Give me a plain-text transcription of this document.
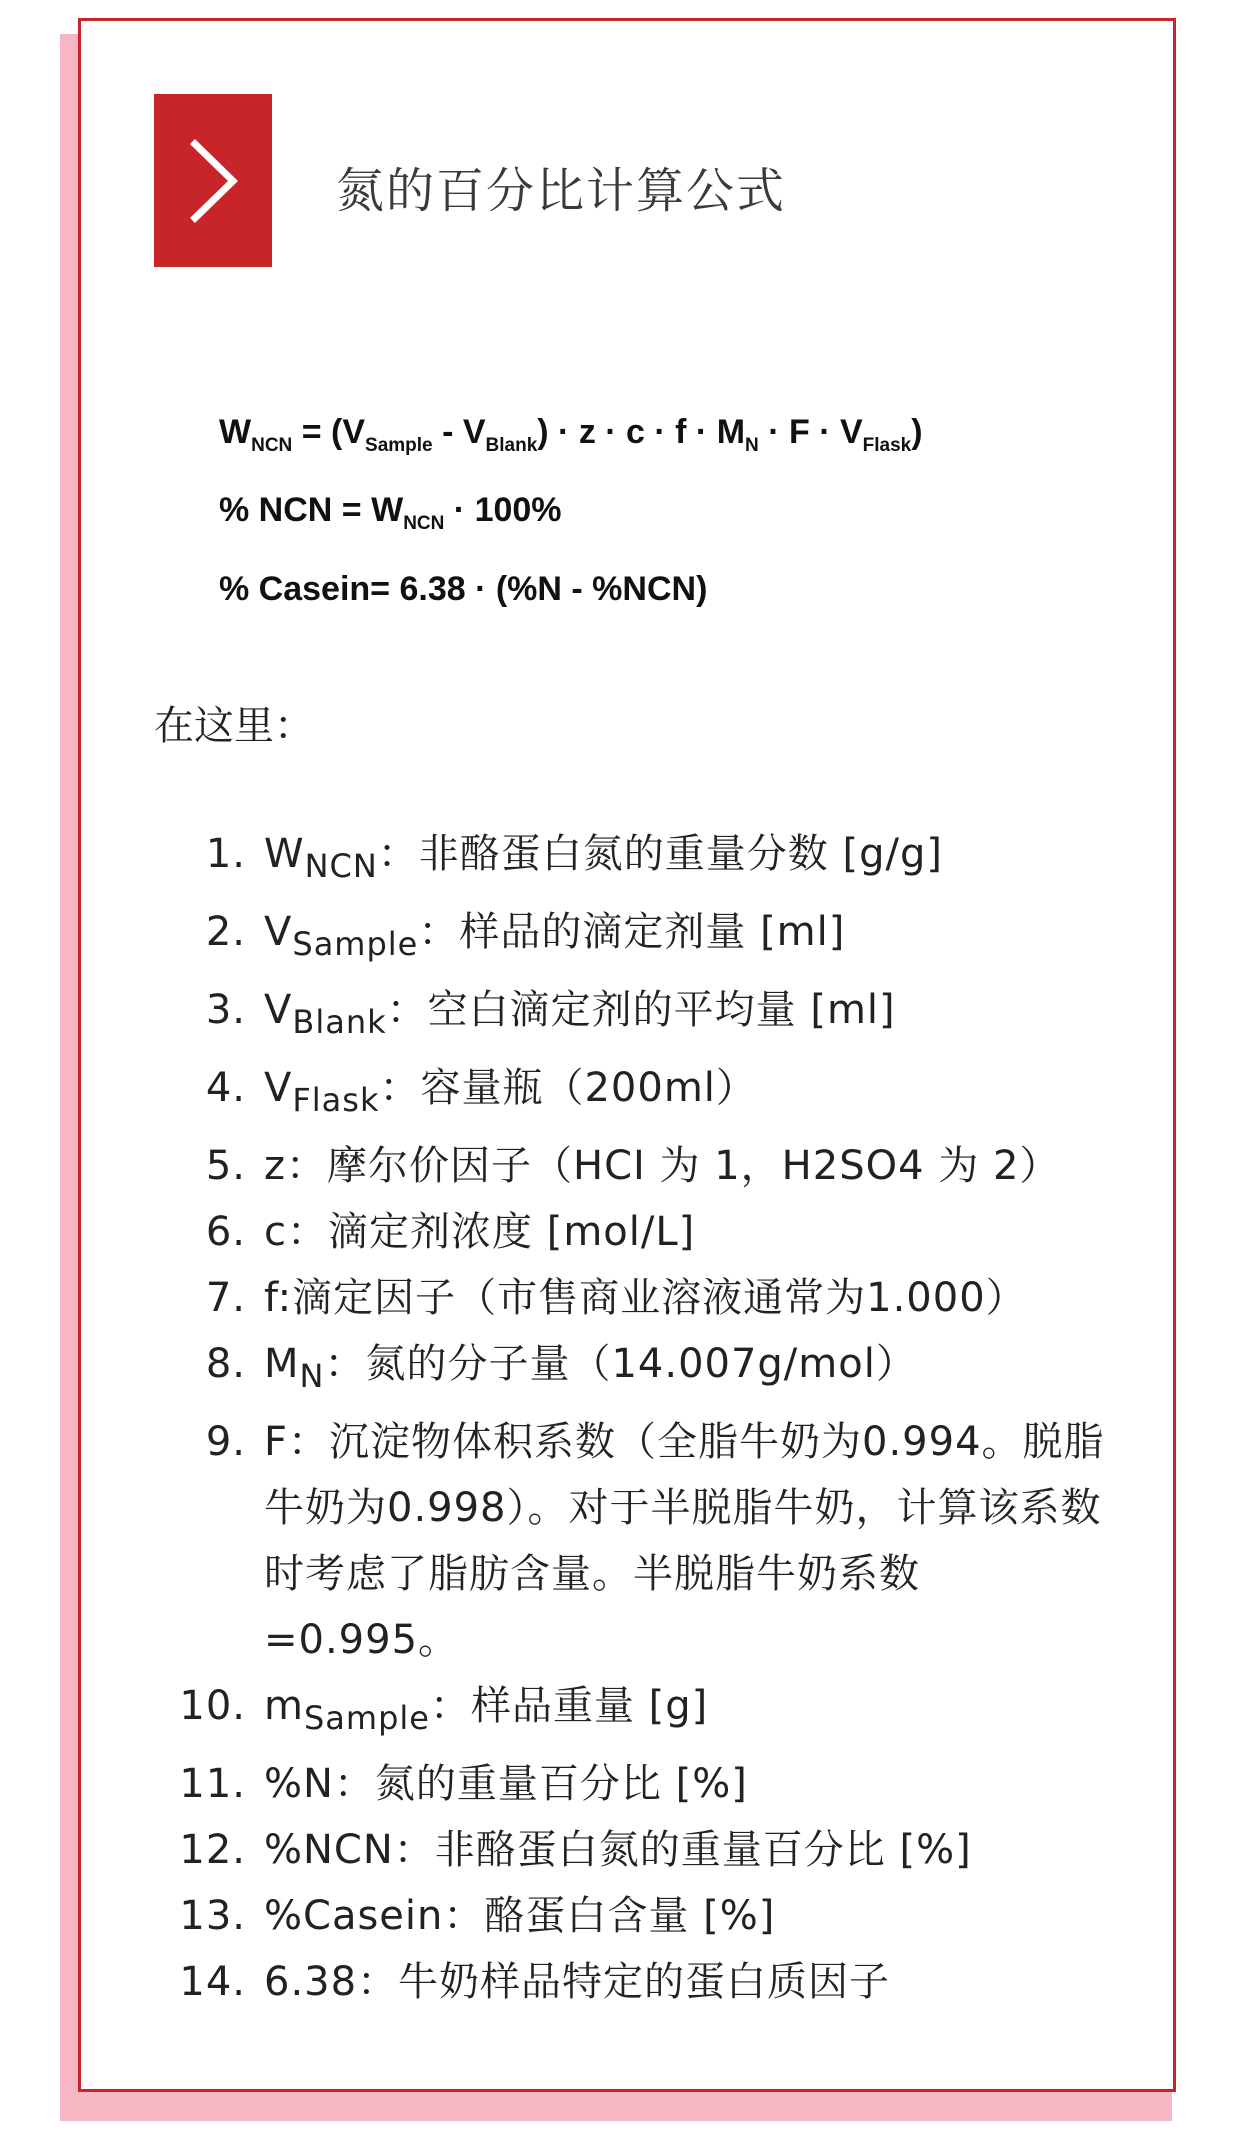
氮的百分比计算公式
$W_{NCN} = (V_{Sample} - V_{Blank}) \cdot z \cdot c \cdot f \cdot M_N \cdot F \cdot V_{Flask}$)
% NCN = $W_{NCN} \cdot 100\%$
% Casein= 6.38 · (%N - %NCN)
在这里：
1. $W_{NCN}$：非酪蛋白氮的重量分数 [g/g]
2. $V_{Sample}$：样品的滴定剂量 [ml]
3. $V_{Blank}$：空白滴定剂的平均量 [ml]
4. $V_{Flask}$：容量瓶（200ml）
5. z：摩尔价因子（HCI 为 1，H2SO4 为 2）
6. c：滴定剂浓度 [mol/L]
7. f:滴定因子（市售商业溶液通常为1.000）
8. $M_N$：氮的分子量（14.007g/mol）
9. F：沉淀物体积系数（全脂牛奶为0.994。脱脂牛奶为0.998）。对于半脱脂牛奶，计算该系数时考虑了脂肪含量。半脱脂牛奶系数=0.995。
10. $m_{Sample}$：样品重量 [g]
11. %N：氮的重量百分比 [%]
12. %NCN：非酪蛋白氮的重量百分比 [%]
13. %Casein：酪蛋白含量 [%]
14. 6.38：牛奶样品特定的蛋白质因子
